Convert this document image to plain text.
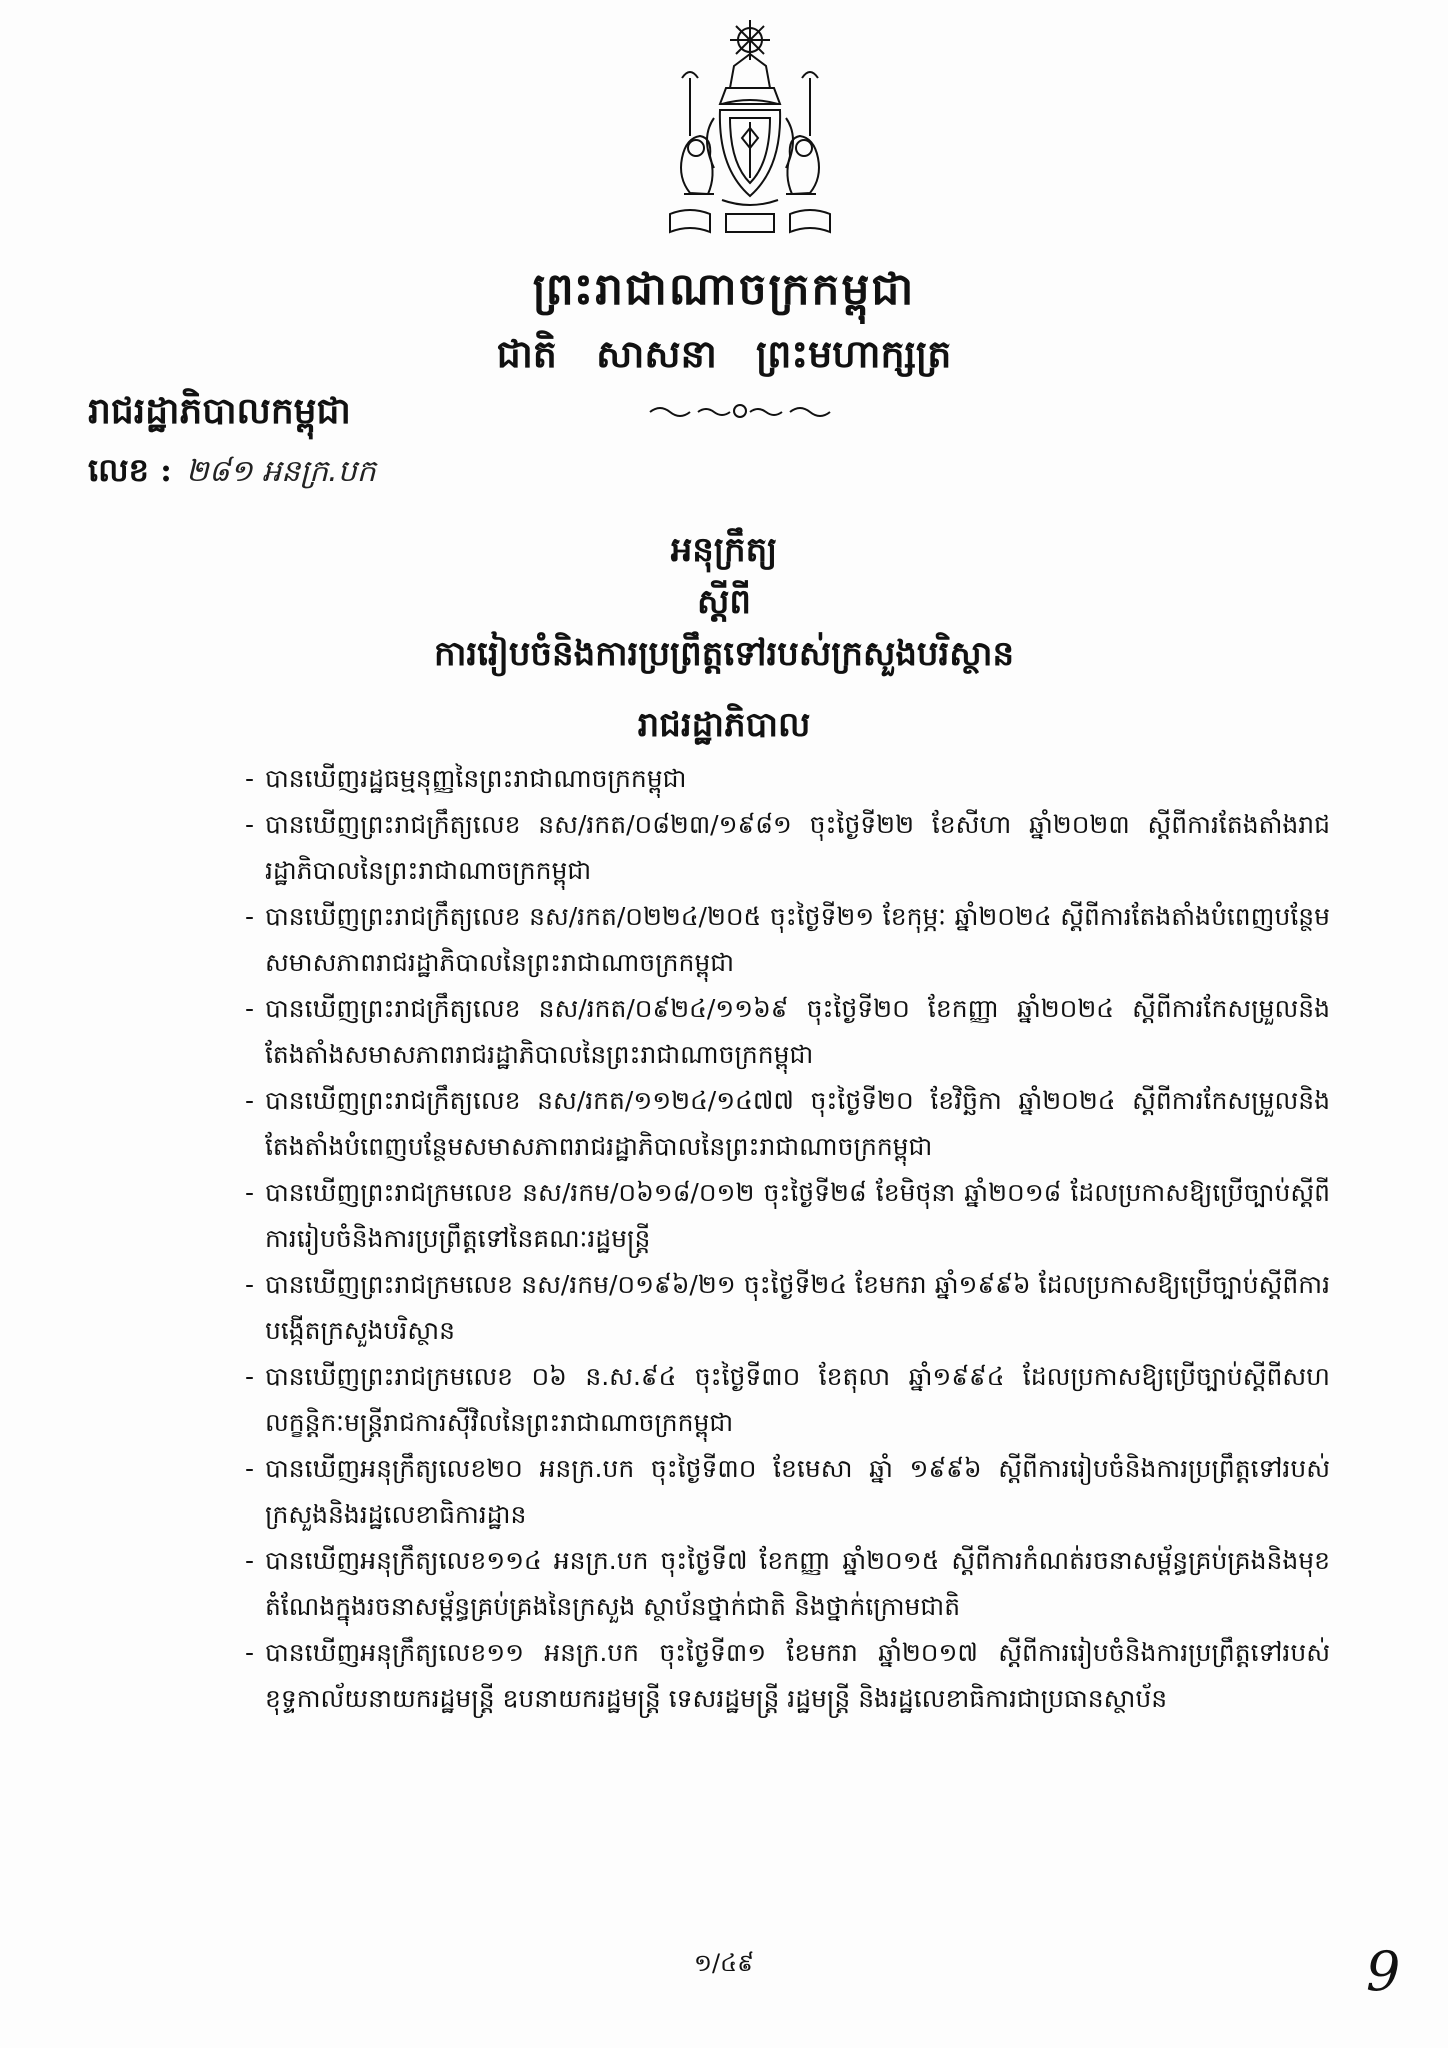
ព្រះរាជាណាចក្រកម្ពុជា
ជាតិ សាសនា ព្រះមហាក្សត្រ
រាជរដ្ឋាភិបាលកម្ពុជា
លេខ : ២៨១ អនក្រ.បក
អនុក្រឹត្យ
ស្តីពី
ការរៀបចំនិងការប្រព្រឹត្តទៅរបស់ក្រសួងបរិស្ថាន
រាជរដ្ឋាភិបាល
- បានឃើញរដ្ឋធម្មនុញ្ញនៃព្រះរាជាណាចក្រកម្ពុជា
- បានឃើញព្រះរាជក្រឹត្យលេខ នស/រកត/០៨២៣/១៩៨១ ចុះថ្ងៃទី២២ ខែសីហា ឆ្នាំ២០២៣ ស្តីពីការតែងតាំងរាជរដ្ឋាភិបាលនៃព្រះរាជាណាចក្រកម្ពុជា
- បានឃើញព្រះរាជក្រឹត្យលេខ នស/រកត/០២២៤/២០៥ ចុះថ្ងៃទី២១ ខែកុម្ភៈ ឆ្នាំ២០២៤ ស្តីពីការតែងតាំងបំពេញបន្ថែមសមាសភាពរាជរដ្ឋាភិបាលនៃព្រះរាជាណាចក្រកម្ពុជា
- បានឃើញព្រះរាជក្រឹត្យលេខ នស/រកត/០៩២៤/១១៦៩ ចុះថ្ងៃទី២០ ខែកញ្ញា ឆ្នាំ២០២៤ ស្តីពីការកែសម្រួលនិងតែងតាំងសមាសភាពរាជរដ្ឋាភិបាលនៃព្រះរាជាណាចក្រកម្ពុជា
- បានឃើញព្រះរាជក្រឹត្យលេខ នស/រកត/១១២៤/១៤៧៧ ចុះថ្ងៃទី២០ ខែវិច្ឆិកា ឆ្នាំ២០២៤ ស្តីពីការកែសម្រួលនិងតែងតាំងបំពេញបន្ថែមសមាសភាពរាជរដ្ឋាភិបាលនៃព្រះរាជាណាចក្រកម្ពុជា
- បានឃើញព្រះរាជក្រមលេខ នស/រកម/០៦១៨/០១២ ចុះថ្ងៃទី២៨ ខែមិថុនា ឆ្នាំ២០១៨ ដែលប្រកាសឱ្យប្រើច្បាប់ស្តីពីការរៀបចំនិងការប្រព្រឹត្តទៅនៃគណៈរដ្ឋមន្ត្រី
- បានឃើញព្រះរាជក្រមលេខ នស/រកម/០១៩៦/២១ ចុះថ្ងៃទី២៤ ខែមករា ឆ្នាំ១៩៩៦ ដែលប្រកាសឱ្យប្រើច្បាប់ស្តីពីការបង្កើតក្រសួងបរិស្ថាន
- បានឃើញព្រះរាជក្រមលេខ ០៦ ន.ស.៩៤ ចុះថ្ងៃទី៣០ ខែតុលា ឆ្នាំ១៩៩៤ ដែលប្រកាសឱ្យប្រើច្បាប់ស្តីពីសហលក្ខន្តិកៈមន្ត្រីរាជការស៊ីវិលនៃព្រះរាជាណាចក្រកម្ពុជា
- បានឃើញអនុក្រឹត្យលេខ២០ អនក្រ.បក ចុះថ្ងៃទី៣០ ខែមេសា ឆ្នាំ ១៩៩៦ ស្តីពីការរៀបចំនិងការប្រព្រឹត្តទៅរបស់ក្រសួងនិងរដ្ឋលេខាធិការដ្ឋាន
- បានឃើញអនុក្រឹត្យលេខ១១៤ អនក្រ.បក ចុះថ្ងៃទី៧ ខែកញ្ញា ឆ្នាំ២០១៥ ស្តីពីការកំណត់រចនាសម្ព័ន្ធគ្រប់គ្រងនិងមុខតំណែងក្នុងរចនាសម្ព័ន្ធគ្រប់គ្រងនៃក្រសួង ស្ថាប័នថ្នាក់ជាតិ និងថ្នាក់ក្រោមជាតិ
- បានឃើញអនុក្រឹត្យលេខ១១ អនក្រ.បក ចុះថ្ងៃទី៣១ ខែមករា ឆ្នាំ២០១៧ ស្តីពីការរៀបចំនិងការប្រព្រឹត្តទៅរបស់ខុទ្ទកាល័យនាយករដ្ឋមន្ត្រី ឧបនាយករដ្ឋមន្ត្រី ទេសរដ្ឋមន្ត្រី រដ្ឋមន្ត្រី និងរដ្ឋលេខាធិការជាប្រធានស្ថាប័ន
១/៤៩	9
